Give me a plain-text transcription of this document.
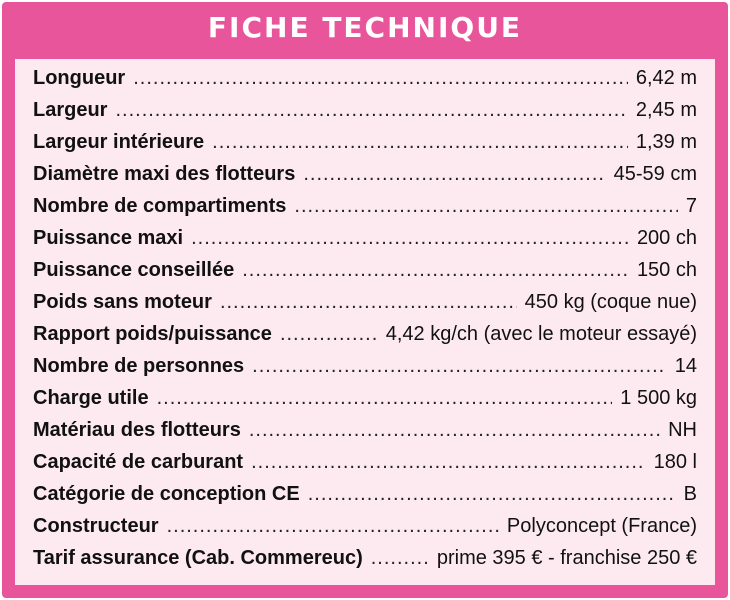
FICHE TECHNIQUE
Longueur .....	6,42 m
Largeur .....	2,45 m
Largeur intérieure .....	1,39 m
Diamètre maxi des flotteurs .....	45-59 cm
Nombre de compartiments .....	7
Puissance maxi .....	200 ch
Puissance conseillée .....	150 ch
Poids sans moteur .....	450 kg (coque nue)
Rapport poids/puissance .....	4,42 kg/ch (avec le moteur essayé)
Nombre de personnes .....	14
Charge utile .....	1 500 kg
Matériau des flotteurs .....	NH
Capacité de carburant .....	180 l
Catégorie de conception CE .....	B
Constructeur .....	Polyconcept (France)
Tarif assurance (Cab. Commereuc) .....	prime 395 € - franchise 250 €
